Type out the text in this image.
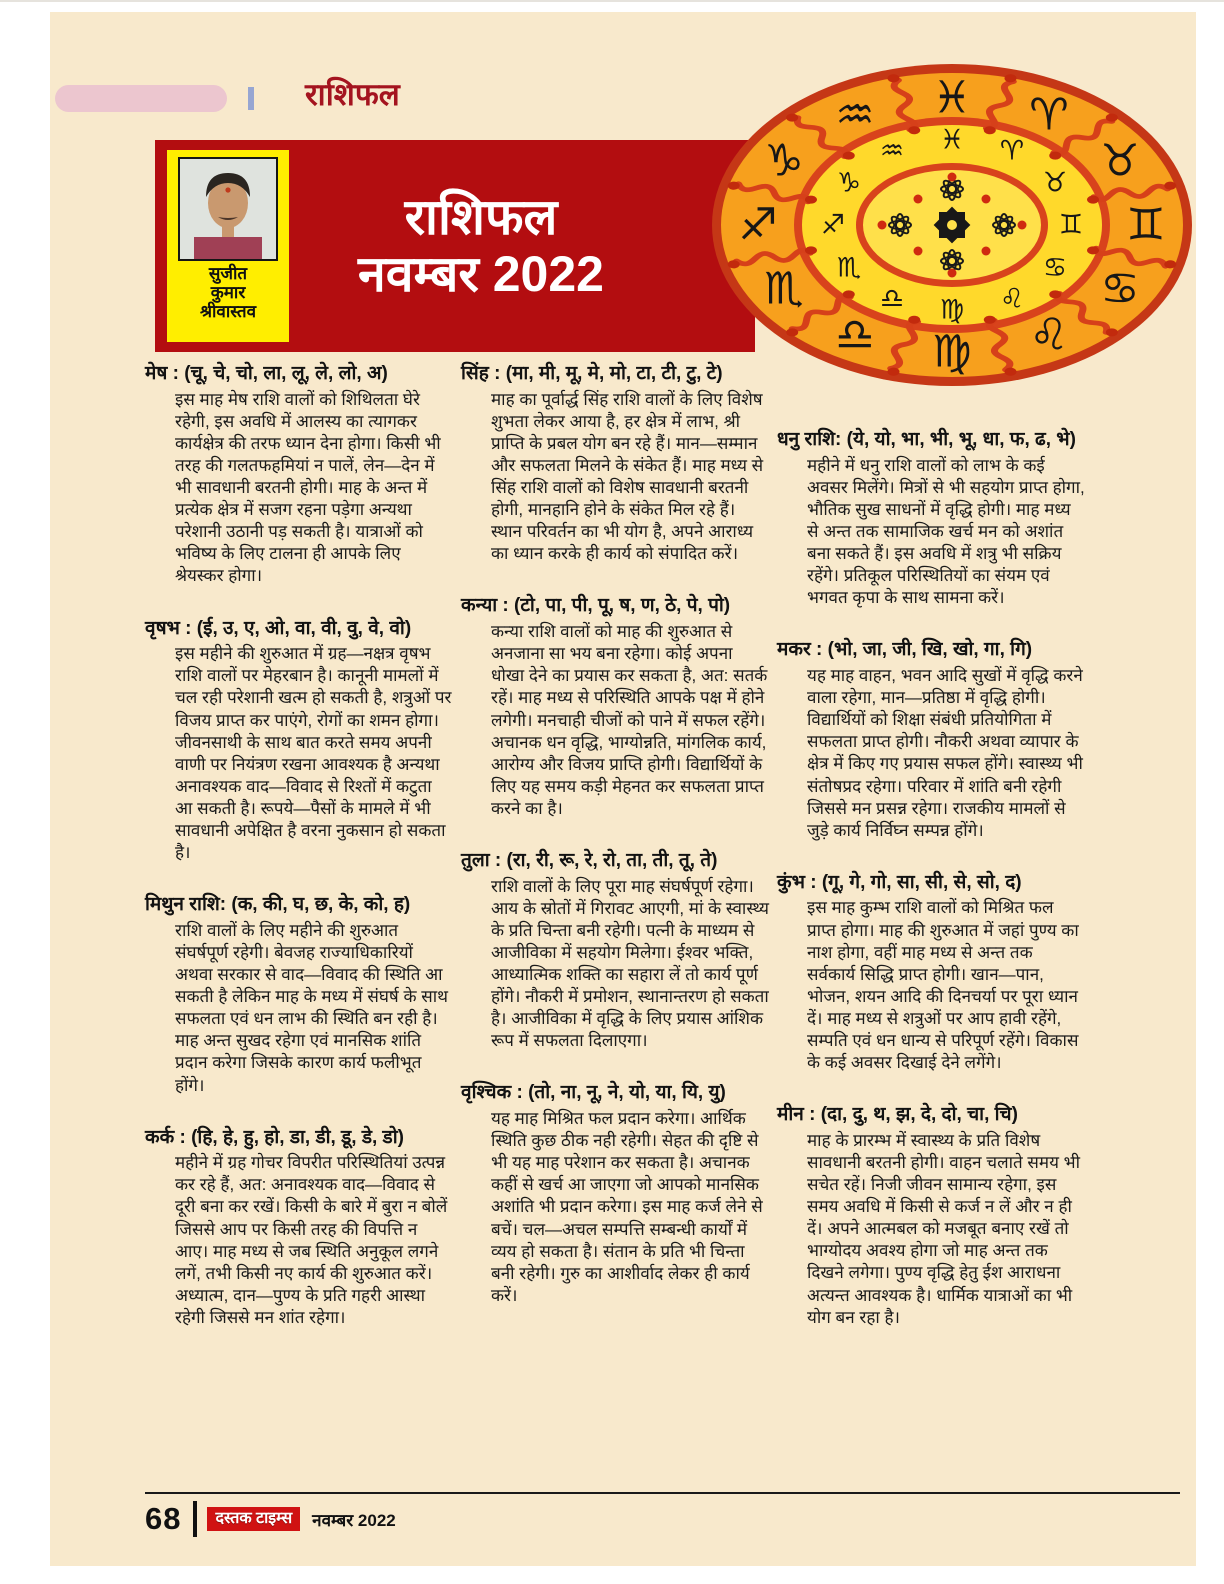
राशिफल
सुजीत
कुमार
श्रीवास्तव
राशिफल
नवम्बर 2022
♓ ♈
♉
♊
♋
♌
♍
♎
♏
♐
♑
♒ ♓ ♈
♉
♊
♋
♌
♍
♎
♏
♐
♑
♒
मेष : (चू, चे, चो, ला, लू, ले, लो, अ)
इस माह मेष राशि वालों को शिथिलता घेरे रहेगी, इस अवधि में आलस्य का त्यागकर कार्यक्षेत्र की तरफ ध्यान देना होगा। किसी भी तरह की गलतफहमियां न पालें, लेन—देन में भी सावधानी बरतनी होगी। माह के अन्त में प्रत्येक क्षेत्र में सजग रहना पड़ेगा अन्यथा परेशानी उठानी पड़ सकती है। यात्राओं को भविष्य के लिए टालना ही आपके लिए श्रेयस्कर होगा।
वृषभ : (ई, उ, ए, ओ, वा, वी, वु, वे, वो)
इस महीने की शुरुआत में ग्रह—नक्षत्र वृषभ राशि वालों पर मेहरबान है। कानूनी मामलों में चल रही परेशानी खत्म हो सकती है, शत्रुओं पर विजय प्राप्त कर पाएंगे, रोगों का शमन होगा। जीवनसाथी के साथ बात करते समय अपनी वाणी पर नियंत्रण रखना आवश्यक है अन्यथा अनावश्यक वाद—विवाद से रिश्तों में कटुता आ सकती है। रूपये—पैसों के मामले में भी सावधानी अपेक्षित है वरना नुकसान हो सकता है।
मिथुन राशि: (क, की, घ, छ, के, को, ह)
राशि वालों के लिए महीने की शुरुआत संघर्षपूर्ण रहेगी। बेवजह राज्याधिकारियों अथवा सरकार से वाद—विवाद की स्थिति आ सकती है लेकिन माह के मध्य में संघर्ष के साथ सफलता एवं धन लाभ की स्थिति बन रही है। माह अन्त सुखद रहेगा एवं मानसिक शांति प्रदान करेगा जिसके कारण कार्य फलीभूत होंगे।
कर्क : (हि, हे, हु, हो, डा, डी, डू, डे, डो)
महीने में ग्रह गोचर विपरीत परिस्थितियां उत्पन्न कर रहे हैं, अत: अनावश्यक वाद—विवाद से दूरी बना कर रखें। किसी के बारे में बुरा न बोलें जिससे आप पर किसी तरह की विपत्ति न आए। माह मध्य से जब स्थिति अनुकूल लगने लगें, तभी किसी नए कार्य की शुरुआत करें। अध्यात्म, दान—पुण्य के प्रति गहरी आस्था रहेगी जिससे मन शांत रहेगा।
सिंह : (मा, मी, मू, मे, मो, टा, टी, टु, टे)
माह का पूर्वार्द्ध सिंह राशि वालों के लिए विशेष शुभता लेकर आया है, हर क्षेत्र में लाभ, श्री प्राप्ति के प्रबल योग बन रहे हैं। मान—सम्मान और सफलता मिलने के संकेत हैं। माह मध्य से सिंह राशि वालों को विशेष सावधानी बरतनी होगी, मानहानि होने के संकेत मिल रहे हैं। स्थान परिवर्तन का भी योग है, अपने आराध्य का ध्यान करके ही कार्य को संपादित करें।
कन्या : (टो, पा, पी, पू, ष, ण, ठे, पे, पो)
कन्या राशि वालों को माह की शुरुआत से अनजाना सा भय बना रहेगा। कोई अपना धोखा देने का प्रयास कर सकता है, अत: सतर्क रहें। माह मध्य से परिस्थिति आपके पक्ष में होने लगेगी। मनचाही चीजों को पाने में सफल रहेंगे। अचानक धन वृद्धि, भाग्योन्नति, मांगलिक कार्य, आरोग्य और विजय प्राप्ति होगी। विद्यार्थियों के लिए यह समय कड़ी मेहनत कर सफलता प्राप्त करने का है।
तुला : (रा, री, रू, रे, रो, ता, ती, तू, ते)
राशि वालों के लिए पूरा माह संघर्षपूर्ण रहेगा। आय के स्रोतों में गिरावट आएगी, मां के स्वास्थ्य के प्रति चिन्ता बनी रहेगी। पत्नी के माध्यम से आजीविका में सहयोग मिलेगा। ईश्वर भक्ति, आध्यात्मिक शक्ति का सहारा लें तो कार्य पूर्ण होंगे। नौकरी में प्रमोशन, स्थानान्तरण हो सकता है। आजीविका में वृद्धि के लिए प्रयास आंशिक रूप में सफलता दिलाएगा।
वृश्चिक : (तो, ना, नू, ने, यो, या, यि, यु)
यह माह मिश्रित फल प्रदान करेगा। आर्थिक स्थिति कुछ ठीक नही रहेगी। सेहत की दृष्टि से भी यह माह परेशान कर सकता है। अचानक कहीं से खर्च आ जाएगा जो आपको मानसिक अशांति भी प्रदान करेगा। इस माह कर्ज लेने से बचें। चल—अचल सम्पत्ति सम्बन्धी कार्यों में व्यय हो सकता है। संतान के प्रति भी चिन्ता बनी रहेगी। गुरु का आशीर्वाद लेकर ही कार्य करें।
धनु राशि: (ये, यो, भा, भी, भू, धा, फ, ढ, भे)
महीने में धनु राशि वालों को लाभ के कई अवसर मिलेंगे। मित्रों से भी सहयोग प्राप्त होगा, भौतिक सुख साधनों में वृद्धि होगी। माह मध्य से अन्त तक सामाजिक खर्च मन को अशांत बना सकते हैं। इस अवधि में शत्रु भी सक्रिय रहेंगे। प्रतिकूल परिस्थितियों का संयम एवं भगवत कृपा के साथ सामना करें।
मकर : (भो, जा, जी, खि, खो, गा, गि)
यह माह वाहन, भवन आदि सुखों में वृद्धि करने वाला रहेगा, मान—प्रतिष्ठा में वृद्धि होगी। विद्यार्थियों को शिक्षा संबंधी प्रतियोगिता में सफलता प्राप्त होगी। नौकरी अथवा व्यापार के क्षेत्र में किए गए प्रयास सफल होंगे। स्वास्थ्य भी संतोषप्रद रहेगा। परिवार में शांति बनी रहेगी जिससे मन प्रसन्न रहेगा। राजकीय मामलों से जुड़े कार्य निर्विघ्न सम्पन्न होंगे।
कुंभ : (गू, गे, गो, सा, सी, से, सो, द)
इस माह कुम्भ राशि वालों को मिश्रित फल प्राप्त होगा। माह की शुरुआत में जहां पुण्य का नाश होगा, वहीं माह मध्य से अन्त तक सर्वकार्य सिद्धि प्राप्त होगी। खान—पान, भोजन, शयन आदि की दिनचर्या पर पूरा ध्यान दें। माह मध्य से शत्रुओं पर आप हावी रहेंगे, सम्पति एवं धन धान्य से परिपूर्ण रहेंगे। विकास के कई अवसर दिखाई देने लगेंगे।
मीन : (दा, दु, थ, झ, दे, दो, चा, चि)
माह के प्रारम्भ में स्वास्थ्य के प्रति विशेष सावधानी बरतनी होगी। वाहन चलाते समय भी सचेत रहें। निजी जीवन सामान्य रहेगा, इस समय अवधि में किसी से कर्ज न लें और न ही दें। अपने आत्मबल को मजबूत बनाए रखें तो भाग्योदय अवश्य होगा जो माह अन्त तक दिखने लगेगा। पुण्य वृद्धि हेतु ईश आराधना अत्यन्त आवश्यक है। धार्मिक यात्राओं का भी योग बन रहा है।
68	दस्तक टाइम्स	नवम्बर 2022
